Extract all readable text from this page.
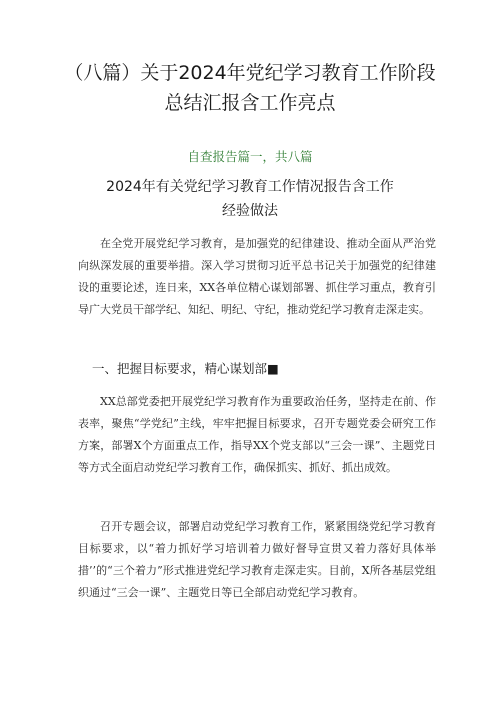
（八篇）关于2024年党纪学习教育工作阶段总结汇报含工作亮点
自查报告篇一，共八篇
2024年有关党纪学习教育工作情况报告含工作经验做法

在全党开展党纪学习教育，是加强党的纪律建设、推动全面从严治党向纵深发展的重要举措。深入学习贯彻习近平总书记关于加强党的纪律建设的重要论述，连日来，XX各单位精心谋划部署、抓住学习重点，教育引导广大党员干部学纪、知纪、明纪、守纪，推动党纪学习教育走深走实。

一、把握目标要求，精心谋划部■

XX总部党委把开展党纪学习教育作为重要政治任务，坚持走在前、作表率，聚焦“学党纪”主线，牢牢把握目标要求，召开专题党委会研究工作方案，部署X个方面重点工作，指导XX个党支部以“三会一课”、主题党日等方式全面启动党纪学习教育工作，确保抓实、抓好、抓出成效。

召开专题会议，部署启动党纪学习教育工作，紧紧围绕党纪学习教育目标要求，以“着力抓好学习培训着力做好督导宣贯又着力落好具体举措’’的“三个着力”形式推进党纪学习教育走深走实。目前，X所各基层党组织通过“三会一课”、主题党日等已全部启动党纪学习教育。
